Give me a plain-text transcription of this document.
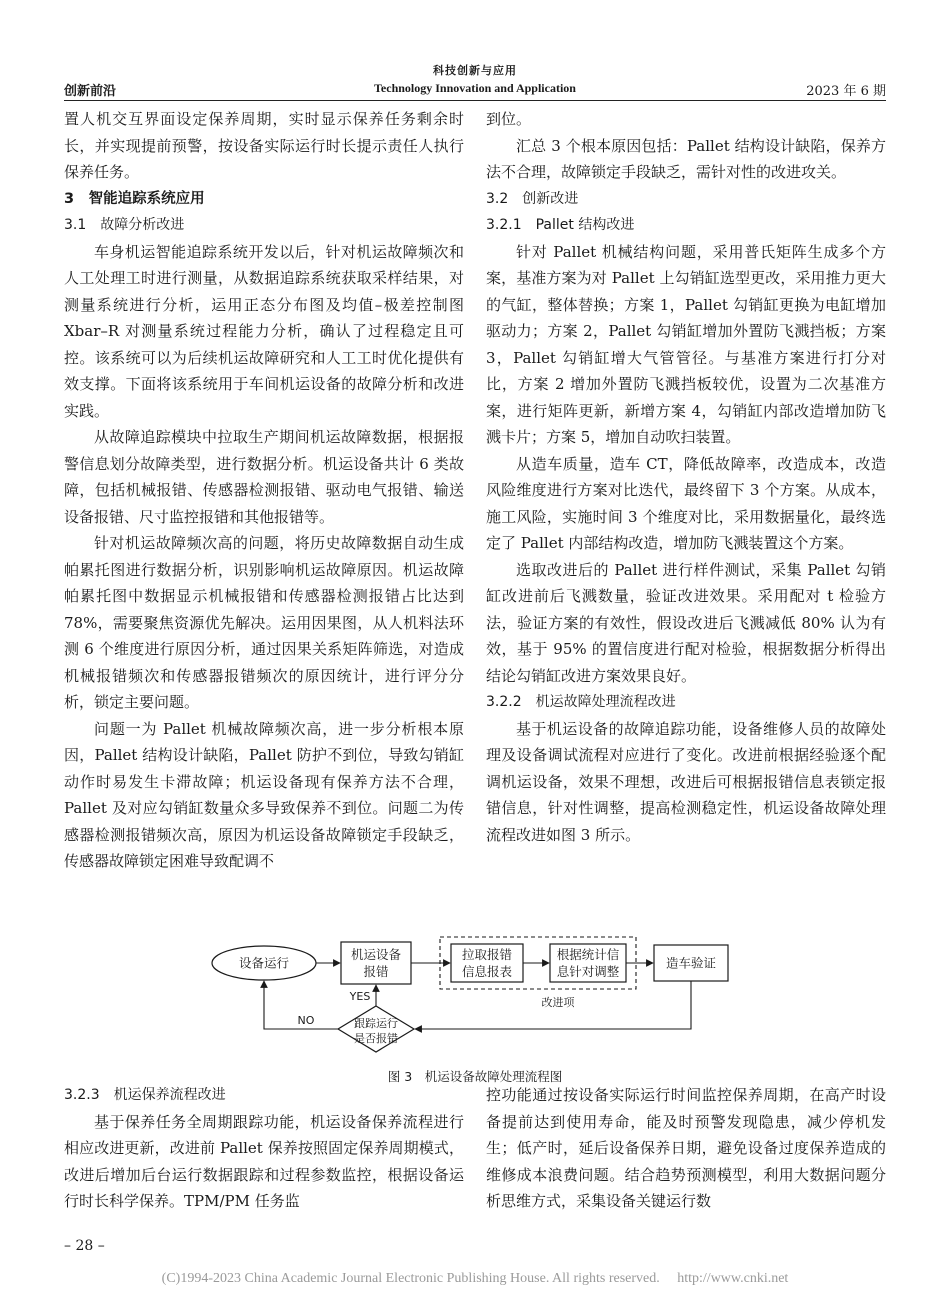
科技创新与应用
创新前沿	Technology Innovation and Application	2023 年 6 期

置人机交互界面设定保养周期，实时显示保养任务剩余时长，并实现提前预警，按设备实际运行时长提示责任人执行保养任务。

3　智能追踪系统应用

3.1　故障分析改进

车身机运智能追踪系统开发以后，针对机运故障频次和人工处理工时进行测量，从数据追踪系统获取采样结果，对测量系统进行分析，运用正态分布图及均值–极差控制图 Xbar–R 对测量系统过程能力分析，确认了过程稳定且可控。该系统可以为后续机运故障研究和人工工时优化提供有效支撑。下面将该系统用于车间机运设备的故障分析和改进实践。

从故障追踪模块中拉取生产期间机运故障数据，根据报警信息划分故障类型，进行数据分析。机运设备共计 6 类故障，包括机械报错、传感器检测报错、驱动电气报错、输送设备报错、尺寸监控报错和其他报错等。

针对机运故障频次高的问题，将历史故障数据自动生成帕累托图进行数据分析，识别影响机运故障原因。机运故障帕累托图中数据显示机械报错和传感器检测报错占比达到 78%，需要聚焦资源优先解决。运用因果图，从人机料法环测 6 个维度进行原因分析，通过因果关系矩阵筛选，对造成机械报错频次和传感器报错频次的原因统计，进行评分分析，锁定主要问题。

问题一为 Pallet 机械故障频次高，进一步分析根本原因，Pallet 结构设计缺陷，Pallet 防护不到位，导致勾销缸动作时易发生卡滞故障；机运设备现有保养方法不合理，Pallet 及对应勾销缸数量众多导致保养不到位。问题二为传感器检测报错频次高，原因为机运设备故障锁定手段缺乏，传感器故障锁定困难导致配调不

到位。

汇总 3 个根本原因包括：Pallet 结构设计缺陷，保养方法不合理，故障锁定手段缺乏，需针对性的改进攻关。

3.2　创新改进

3.2.1　Pallet 结构改进

针对 Pallet 机械结构问题，采用普氏矩阵生成多个方案，基准方案为对 Pallet 上勾销缸选型更改，采用推力更大的气缸，整体替换；方案 1，Pallet 勾销缸更换为电缸增加驱动力；方案 2，Pallet 勾销缸增加外置防飞溅挡板；方案 3，Pallet 勾销缸增大气管管径。与基准方案进行打分对比，方案 2 增加外置防飞溅挡板较优，设置为二次基准方案，进行矩阵更新，新增方案 4，勾销缸内部改造增加防飞溅卡片；方案 5，增加自动吹扫装置。

从造车质量，造车 CT，降低故障率，改造成本，改造风险维度进行方案对比迭代，最终留下 3 个方案。从成本，施工风险，实施时间 3 个维度对比，采用数据量化，最终选定了 Pallet 内部结构改造，增加防飞溅装置这个方案。

选取改进后的 Pallet 进行样件测试，采集 Pallet 勾销缸改进前后飞溅数量，验证改进效果。采用配对 t 检验方法，验证方案的有效性，假设改进后飞溅减低 80% 认为有效，基于 95% 的置信度进行配对检验，根据数据分析得出结论勾销缸改进方案效果良好。

3.2.2　机运故障处理流程改进

基于机运设备的故障追踪功能，设备维修人员的故障处理及设备调试流程对应进行了变化。改进前根据经验逐个配调机运设备，效果不理想，改进后可根据报错信息表锁定报错信息，针对性调整，提高检测稳定性，机运设备故障处理流程改进如图 3 所示。

设备运行
机运设备
报错
拉取报错
信息报表
根据统计信
息针对调整
造车验证
跟踪运行
是否报错
YES
NO
改进项
图 3　机运设备故障处理流程图

3.2.3　机运保养流程改进

基于保养任务全周期跟踪功能，机运设备保养流程进行相应改进更新，改进前 Pallet 保养按照固定保养周期模式，改进后增加后台运行数据跟踪和过程参数监控，根据设备运行时长科学保养。TPM/PM 任务监

控功能通过按设备实际运行时间监控保养周期，在高产时设备提前达到使用寿命，能及时预警发现隐患，减少停机发生；低产时，延后设备保养日期，避免设备过度保养造成的维修成本浪费问题。结合趋势预测模型，利用大数据问题分析思维方式，采集设备关键运行数

– 28 –
(C)1994-2023 China Academic Journal Electronic Publishing House. All rights reserved.　 http://www.cnki.net
